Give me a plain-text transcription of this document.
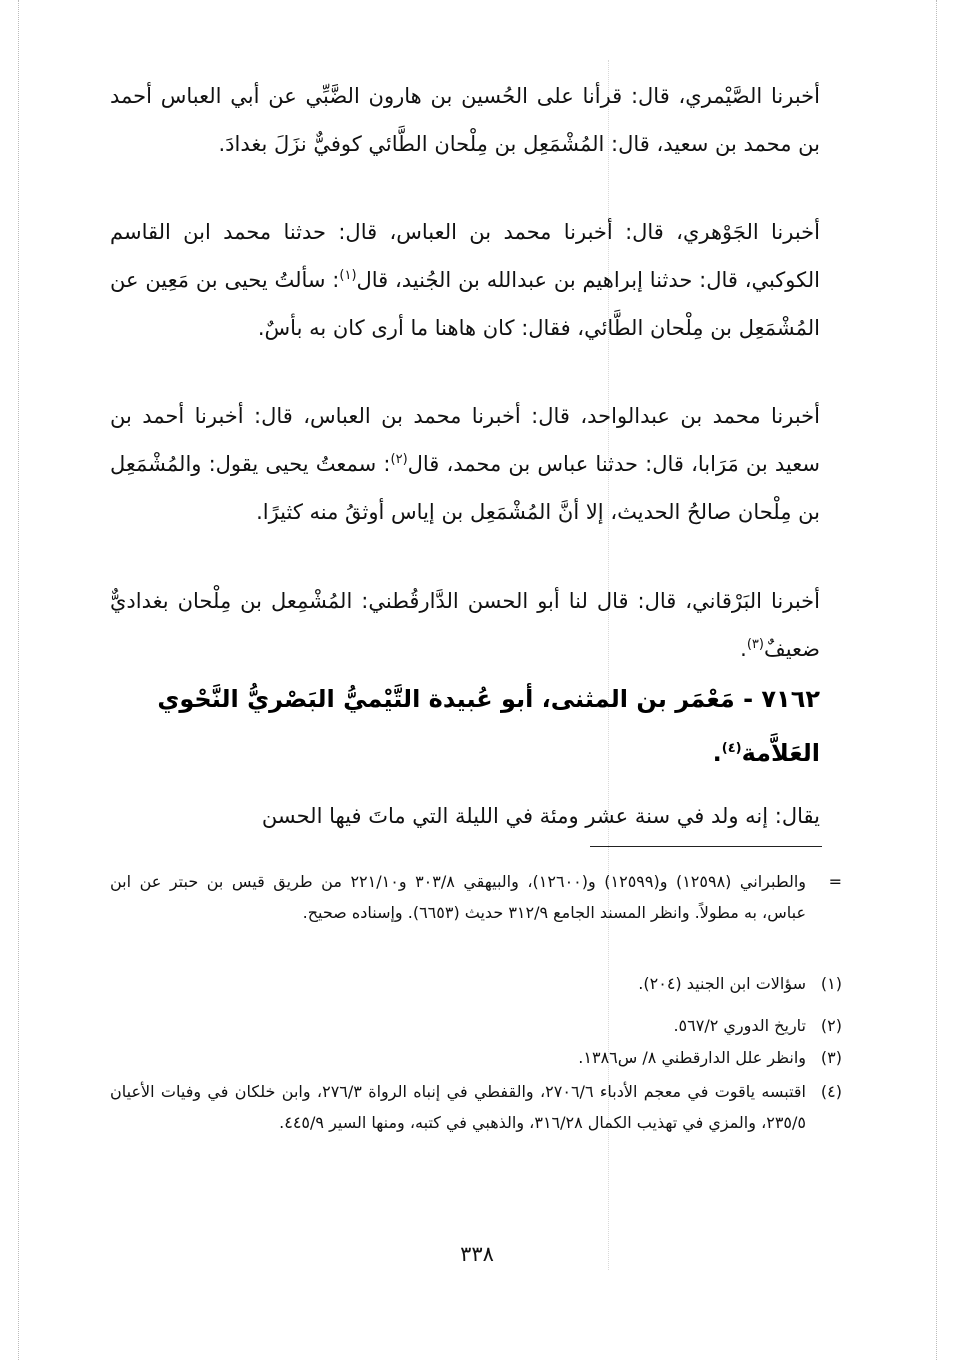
أخبرنا الصَّيْمري، قال: قرأنا على الحُسين بن هارون الضَّبِّي عن أبي العباس أحمد بن محمد بن سعيد، قال: المُشْمَعِل بن مِلْحان الطَّائي كوفيٌّ نزَلَ بغدادَ.
أخبرنا الجَوْهري، قال: أخبرنا محمد بن العباس، قال: حدثنا محمد ابن القاسم الكوكبي، قال: حدثنا إبراهيم بن عبدالله بن الجُنيد، قال$^{(١)}$: سألتُ يحيى بن مَعِين عن المُشْمَعِل بن مِلْحان الطَّائي، فقال: كان هاهنا ما أرى كان به بأسٌ.
أخبرنا محمد بن عبدالواحد، قال: أخبرنا محمد بن العباس، قال: أخبرنا أحمد بن سعيد بن مَرَابا، قال: حدثنا عباس بن محمد، قال$^{(٢)}$: سمعتُ يحيى يقول: والمُشْمَعِل بن مِلْحان صالحُ الحديث، إلا أنَّ المُشْمَعِل بن إياس أوثقُ منه كثيرًا.
أخبرنا البَرْقاني، قال: قال لنا أبو الحسن الدَّارقُطني: المُشْمِعل بن مِلْحان بغداديٌّ ضعيفٌ$^{(٣)}$.
٧١٦٢ - مَعْمَر بن المثنى، أبو عُبيدة التَّيْميُّ البَصْريُّ النَّحْوي العَلاَّمة$^{(٤)}$.
يقال: إنه ولد في سنة عشر ومئة في الليلة التي ماتَ فيها الحسن
=
والطبراني (١٢٥٩٨) و(١٢٥٩٩) و(١٢٦٠٠)، والبيهقي ٣٠٣/٨ و٢٢١/١٠ من طريق قيس بن حبتر عن ابن عباس، به مطولاً. وانظر المسند الجامع ٣١٢/٩ حديث (٦٦٥٣). وإسناده صحيح.
(١)
سؤالات ابن الجنيد (٢٠٤).
(٢)
تاريخ الدوري ٥٦٧/٢.
(٣)
وانظر علل الدارقطني ٨/ س١٣٨٦.
(٤)
اقتبسه ياقوت في معجم الأدباء ٢٧٠٦/٦، والقفطي في إنباه الرواة ٢٧٦/٣، وابن خلكان في وفيات الأعيان ٢٣٥/٥، والمزي في تهذيب الكمال ٣١٦/٢٨، والذهبي في كتبه، ومنها السير ٤٤٥/٩.
٣٣٨
